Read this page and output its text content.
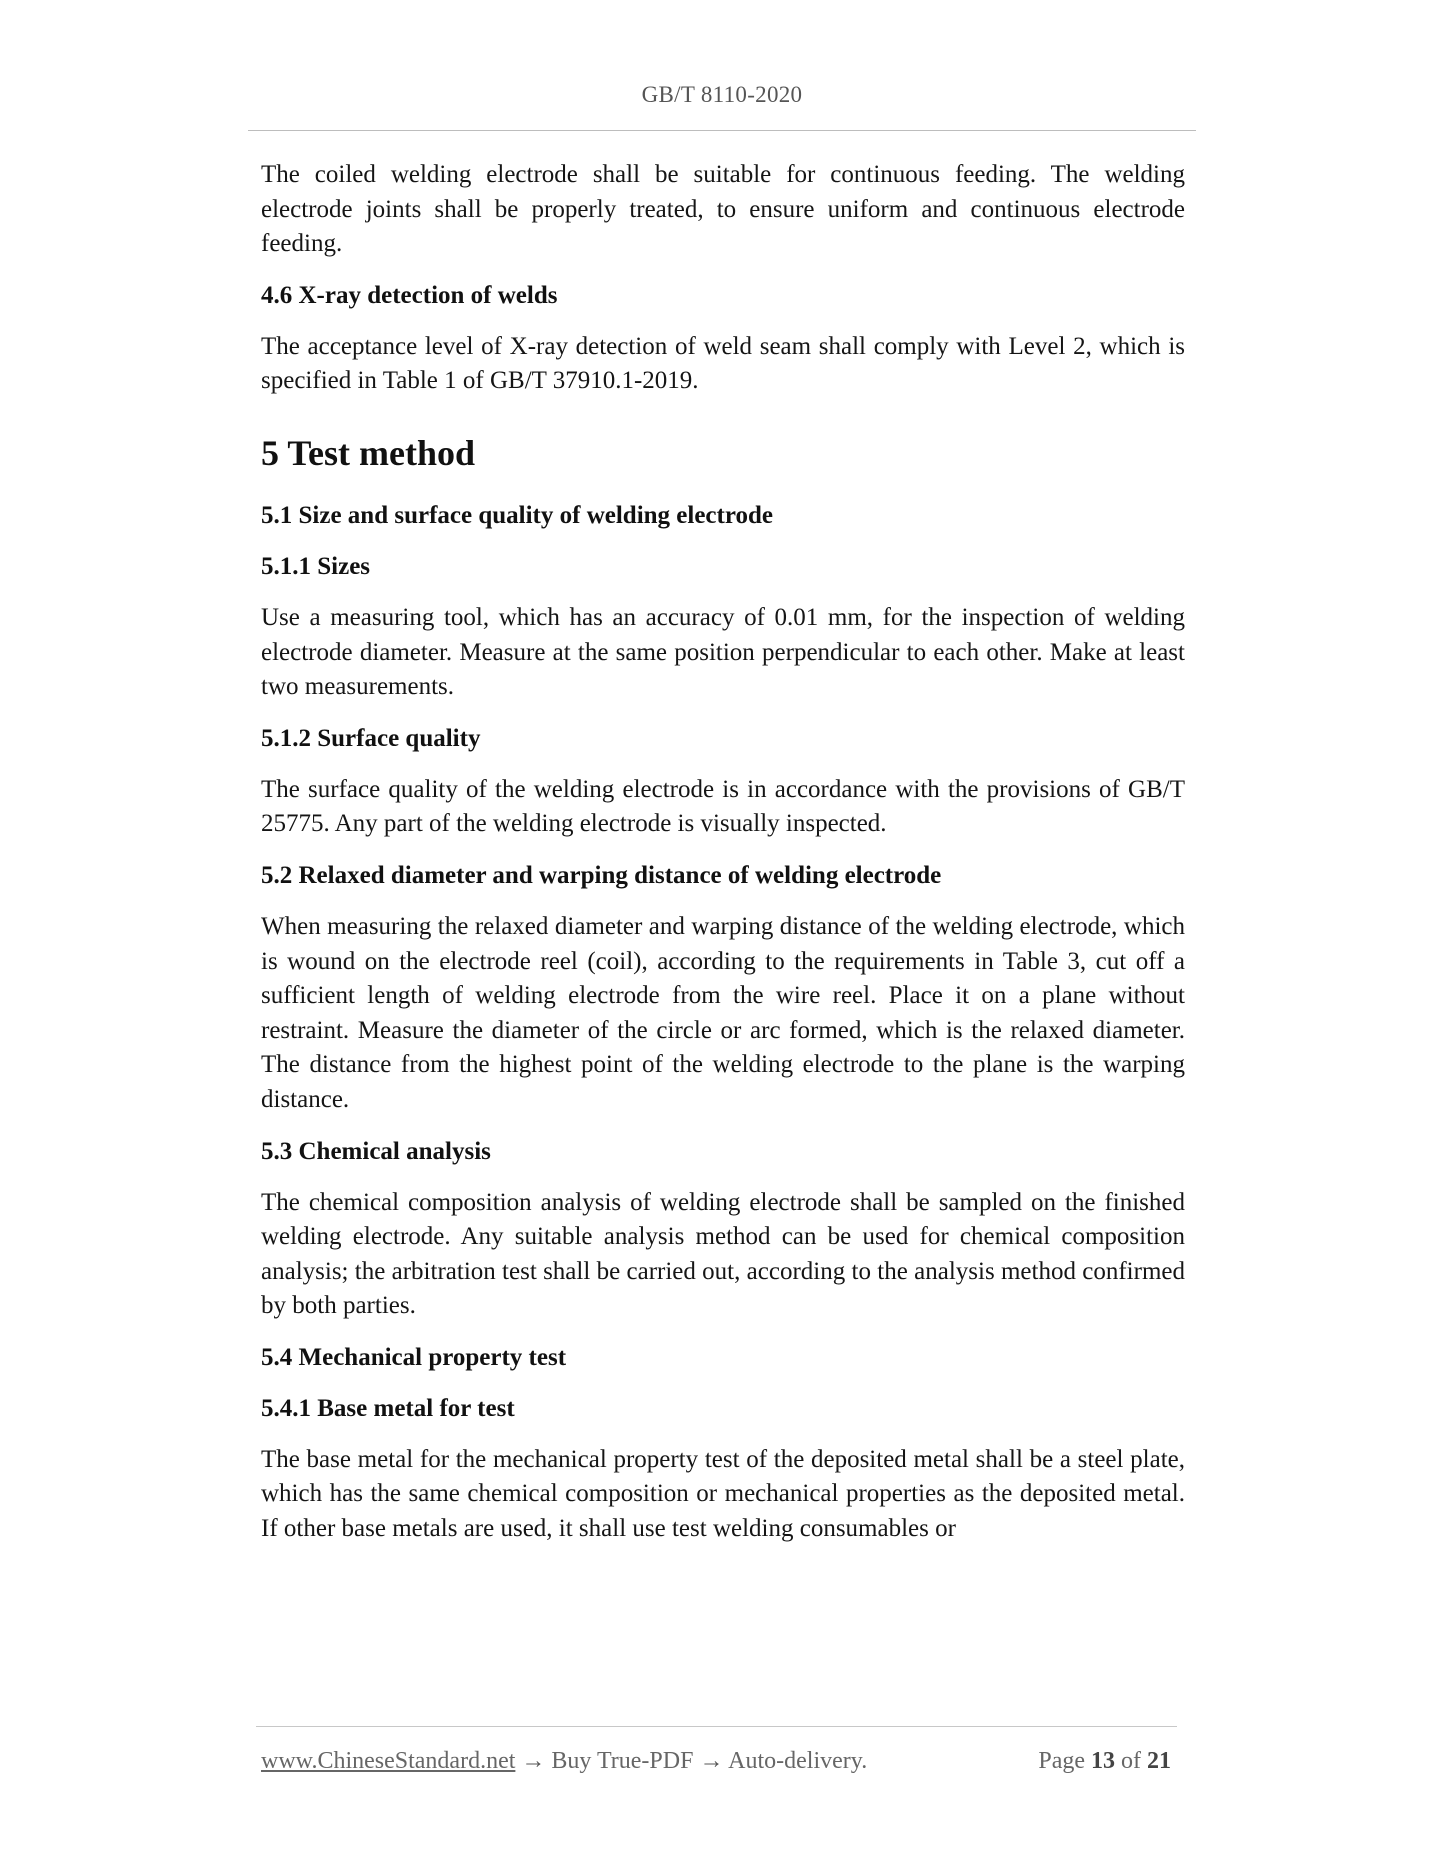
GB/T 8110-2020

The coiled welding electrode shall be suitable for continuous feeding. The welding electrode joints shall be properly treated, to ensure uniform and continuous electrode feeding.

4.6 X-ray detection of welds

The acceptance level of X-ray detection of weld seam shall comply with Level 2, which is specified in Table 1 of GB/T 37910.1-2019.

5 Test method
5.1 Size and surface quality of welding electrode
5.1.1 Sizes

Use a measuring tool, which has an accuracy of 0.01 mm, for the inspection of welding electrode diameter. Measure at the same position perpendicular to each other. Make at least two measurements.

5.1.2 Surface quality

The surface quality of the welding electrode is in accordance with the provisions of GB/T 25775. Any part of the welding electrode is visually inspected.

5.2 Relaxed diameter and warping distance of welding electrode

When measuring the relaxed diameter and warping distance of the welding electrode, which is wound on the electrode reel (coil), according to the requirements in Table 3, cut off a sufficient length of welding electrode from the wire reel. Place it on a plane without restraint. Measure the diameter of the circle or arc formed, which is the relaxed diameter. The distance from the highest point of the welding electrode to the plane is the warping distance.

5.3 Chemical analysis

The chemical composition analysis of welding electrode shall be sampled on the finished welding electrode. Any suitable analysis method can be used for chemical composition analysis; the arbitration test shall be carried out, according to the analysis method confirmed by both parties.

5.4 Mechanical property test
5.4.1 Base metal for test

The base metal for the mechanical property test of the deposited metal shall be a steel plate, which has the same chemical composition or mechanical properties as the deposited metal. If other base metals are used, it shall use test welding consumables or

www.ChineseStandard.net → Buy True-PDF → Auto-delivery.	Page 13 of 21
